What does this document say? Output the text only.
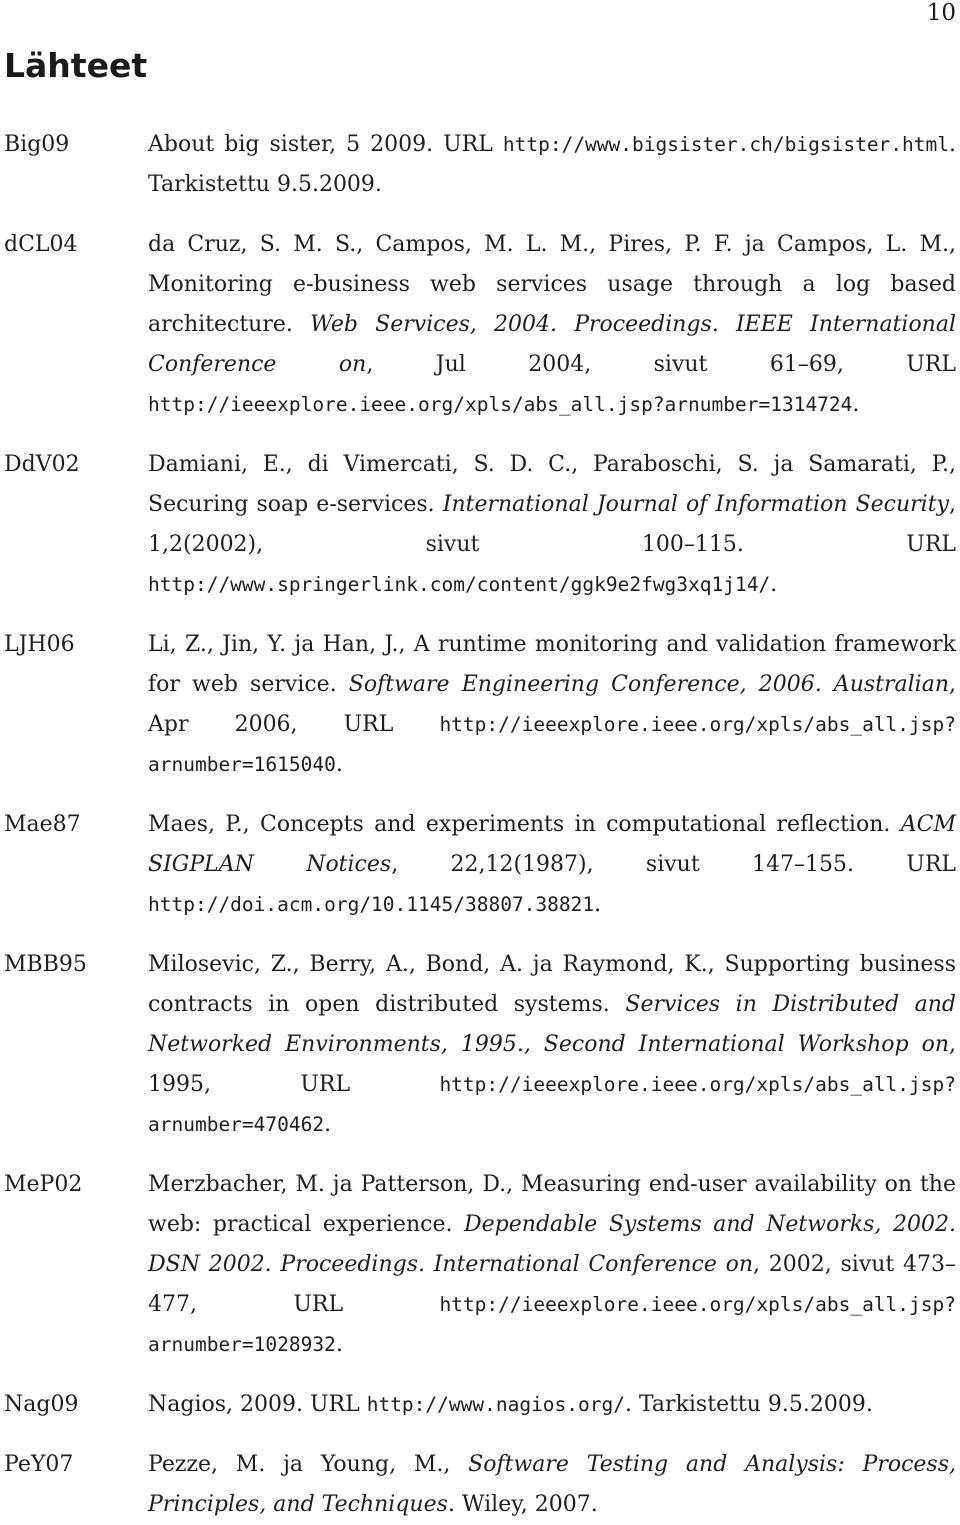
10
Lähteet
Big09	About big sister, 5 2009. URL http://www.bigsister.ch/bigsister.html. Tarkistettu 9.5.2009.
dCL04	da Cruz, S. M. S., Campos, M. L. M., Pires, P. F. ja Campos, L. M., Monitoring e-business web services usage through a log based architecture. Web Services, 2004. Proceedings. IEEE International Conference on, Jul 2004, sivut 61–69, URL http://ieeexplore.ieee.org/xpls/abs_all.jsp?arnumber=1314724.
DdV02	Damiani, E., di Vimercati, S. D. C., Paraboschi, S. ja Samarati, P., Securing soap e-services. International Journal of Information Security, 1,2(2002), sivut 100–115. URL http://www.springerlink.com/content/ggk9e2fwg3xq1j14/.
LJH06	Li, Z., Jin, Y. ja Han, J., A runtime monitoring and validation framework for web service. Software Engineering Conference, 2006. Australian, Apr 2006, URL http://ieeexplore.ieee.org/xpls/abs_all.jsp?arnumber=1615040.
Mae87	Maes, P., Concepts and experiments in computational reflection. ACM SIGPLAN Notices, 22,12(1987), sivut 147–155. URL http://doi.acm.org/10.1145/38807.38821.
MBB95	Milosevic, Z., Berry, A., Bond, A. ja Raymond, K., Supporting business contracts in open distributed systems. Services in Distributed and Networked Environments, 1995., Second International Workshop on, 1995, URL http://ieeexplore.ieee.org/xpls/abs_all.jsp?arnumber=470462.
MeP02	Merzbacher, M. ja Patterson, D., Measuring end-user availability on the web: practical experience. Dependable Systems and Networks, 2002. DSN 2002. Proceedings. International Conference on, 2002, sivut 473–477, URL http://ieeexplore.ieee.org/xpls/abs_all.jsp?arnumber=1028932.
Nag09	Nagios, 2009. URL http://www.nagios.org/. Tarkistettu 9.5.2009.
PeY07	Pezze, M. ja Young, M., Software Testing and Analysis: Process, Principles, and Techniques. Wiley, 2007.
